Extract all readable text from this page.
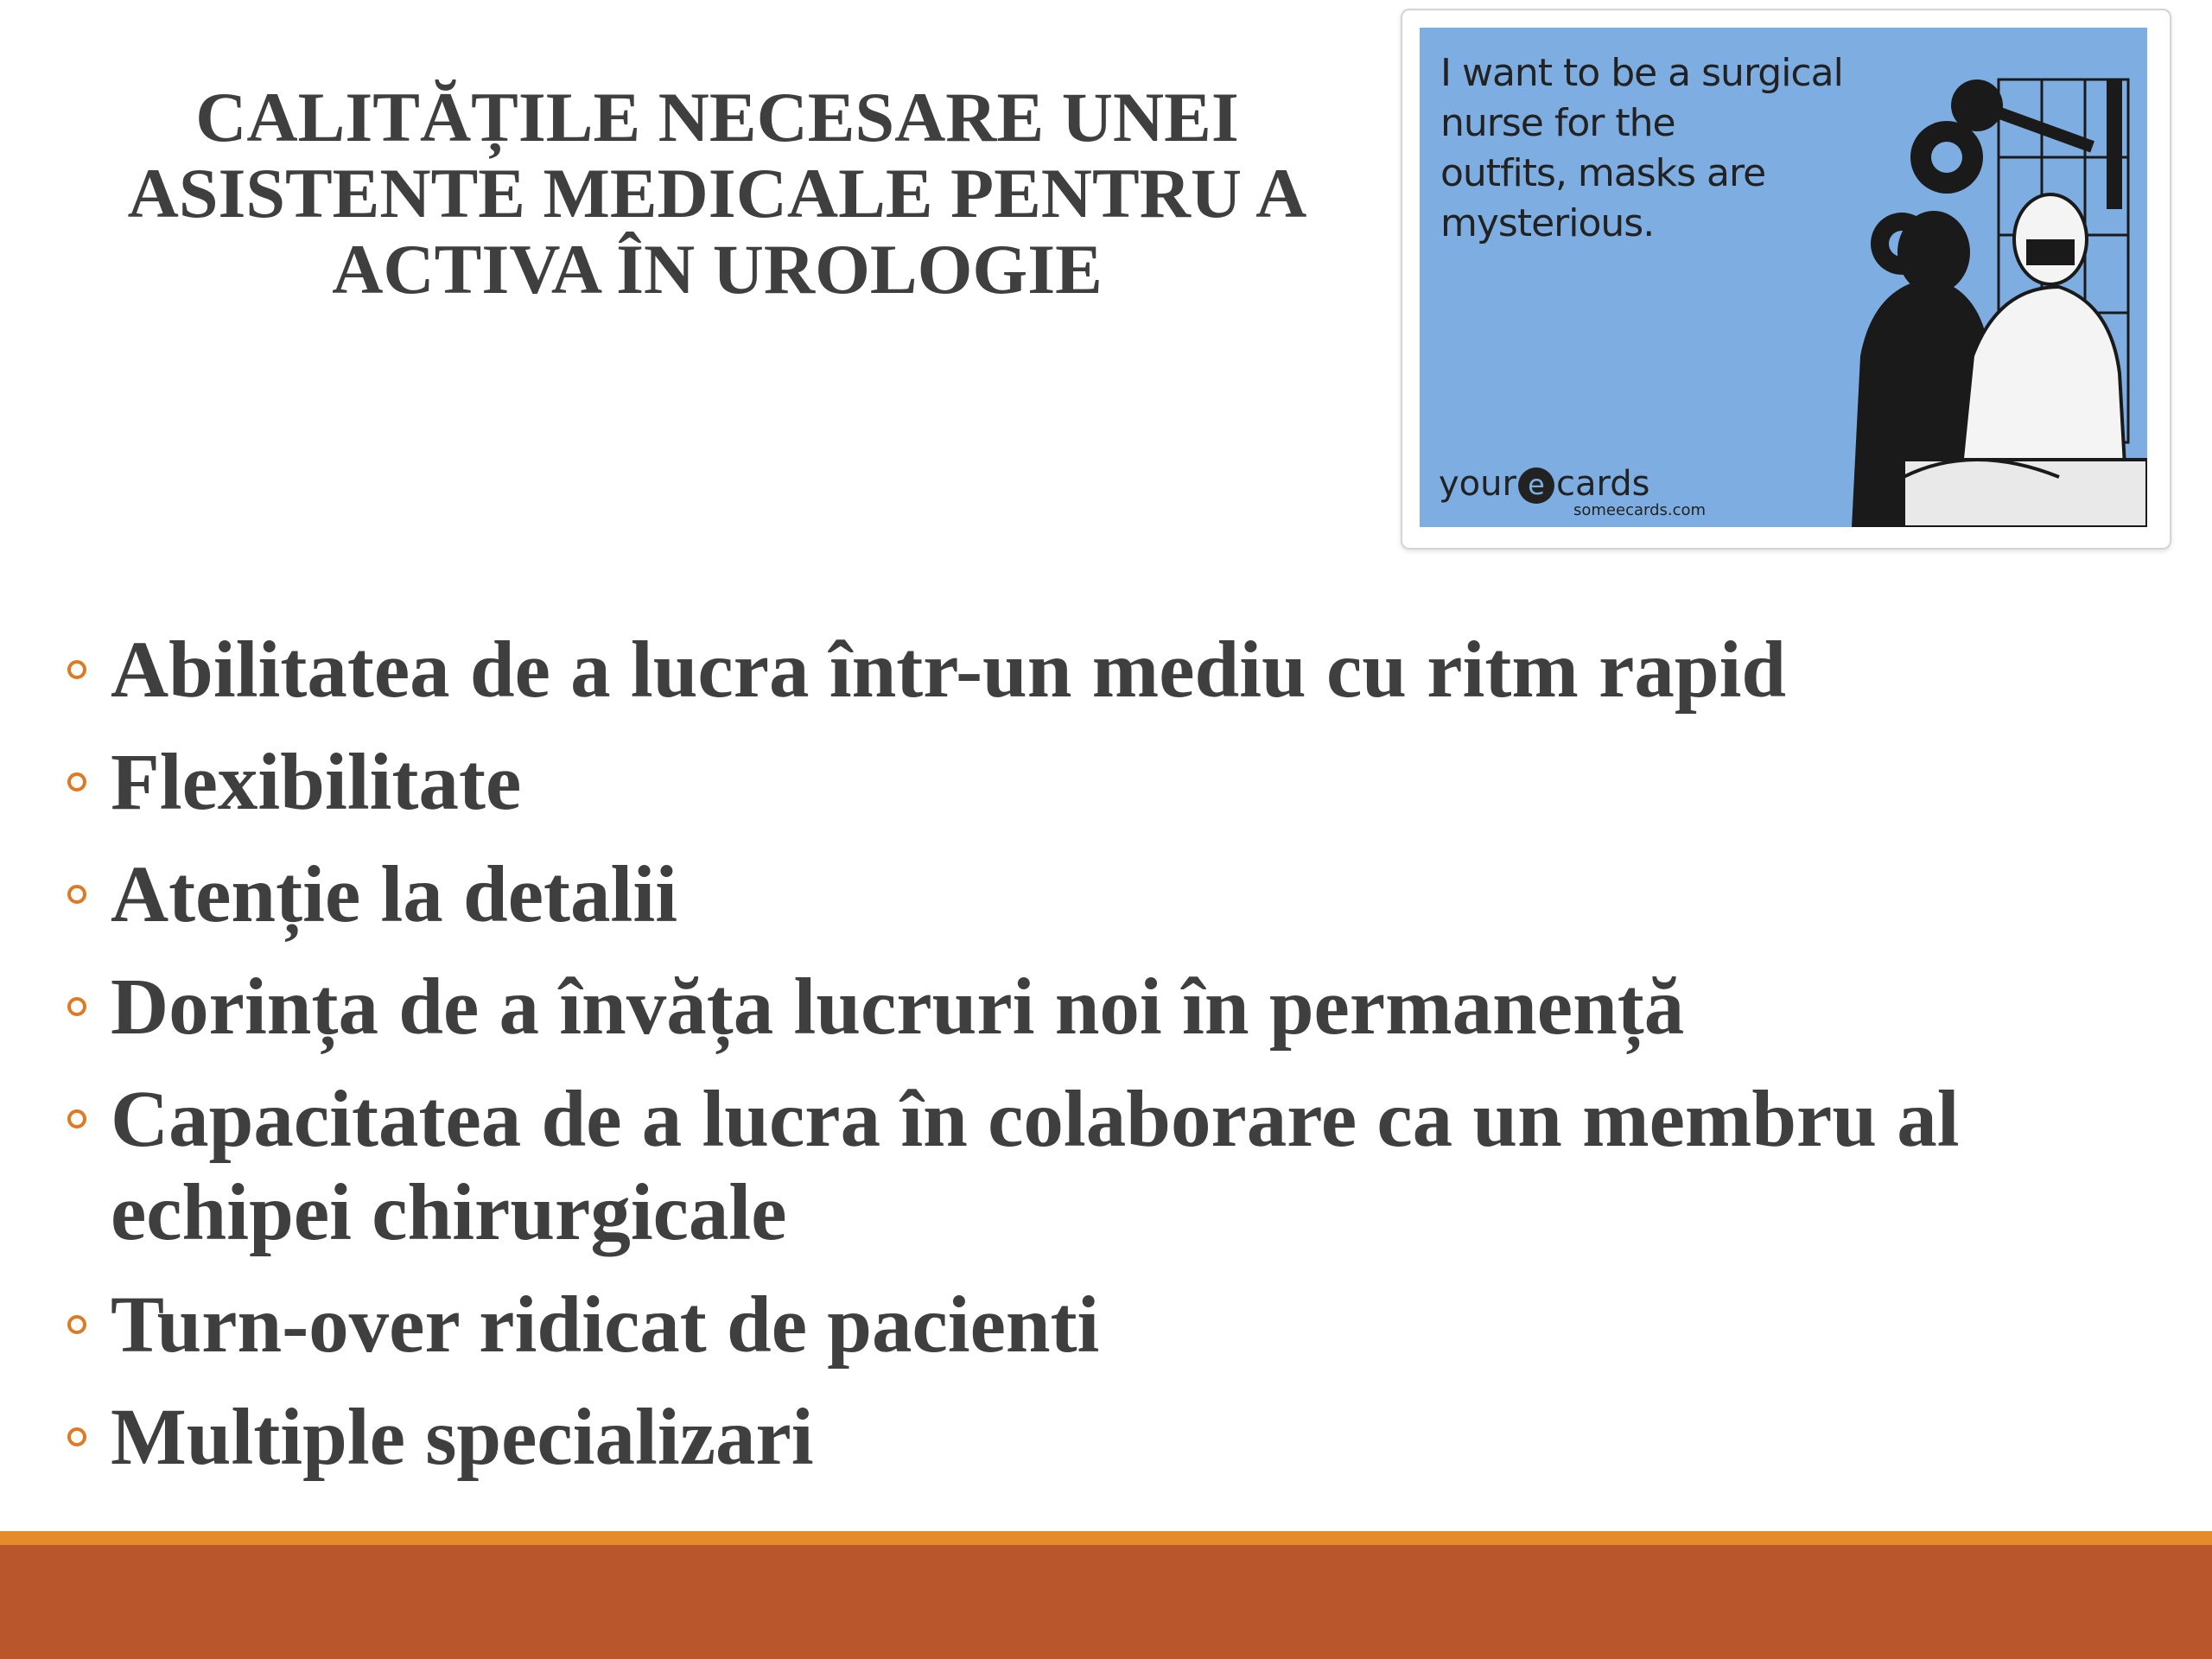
CALITĂȚILE NECESARE UNEI
ASISTENTE MEDICALE PENTRU A
ACTIVA ÎN UROLOGIE
I want to be a surgical
nurse for the
outfits, masks are
mysterious.
your e cards
someecards.com
Abilitatea de a lucra într-un mediu cu ritm rapid
Flexibilitate
Atenție la detalii
Dorința de a învăța lucruri noi în permanență
Capacitatea de a lucra în colaborare ca un membru al echipei chirurgicale
Turn-over ridicat de pacienti
Multiple specializari
